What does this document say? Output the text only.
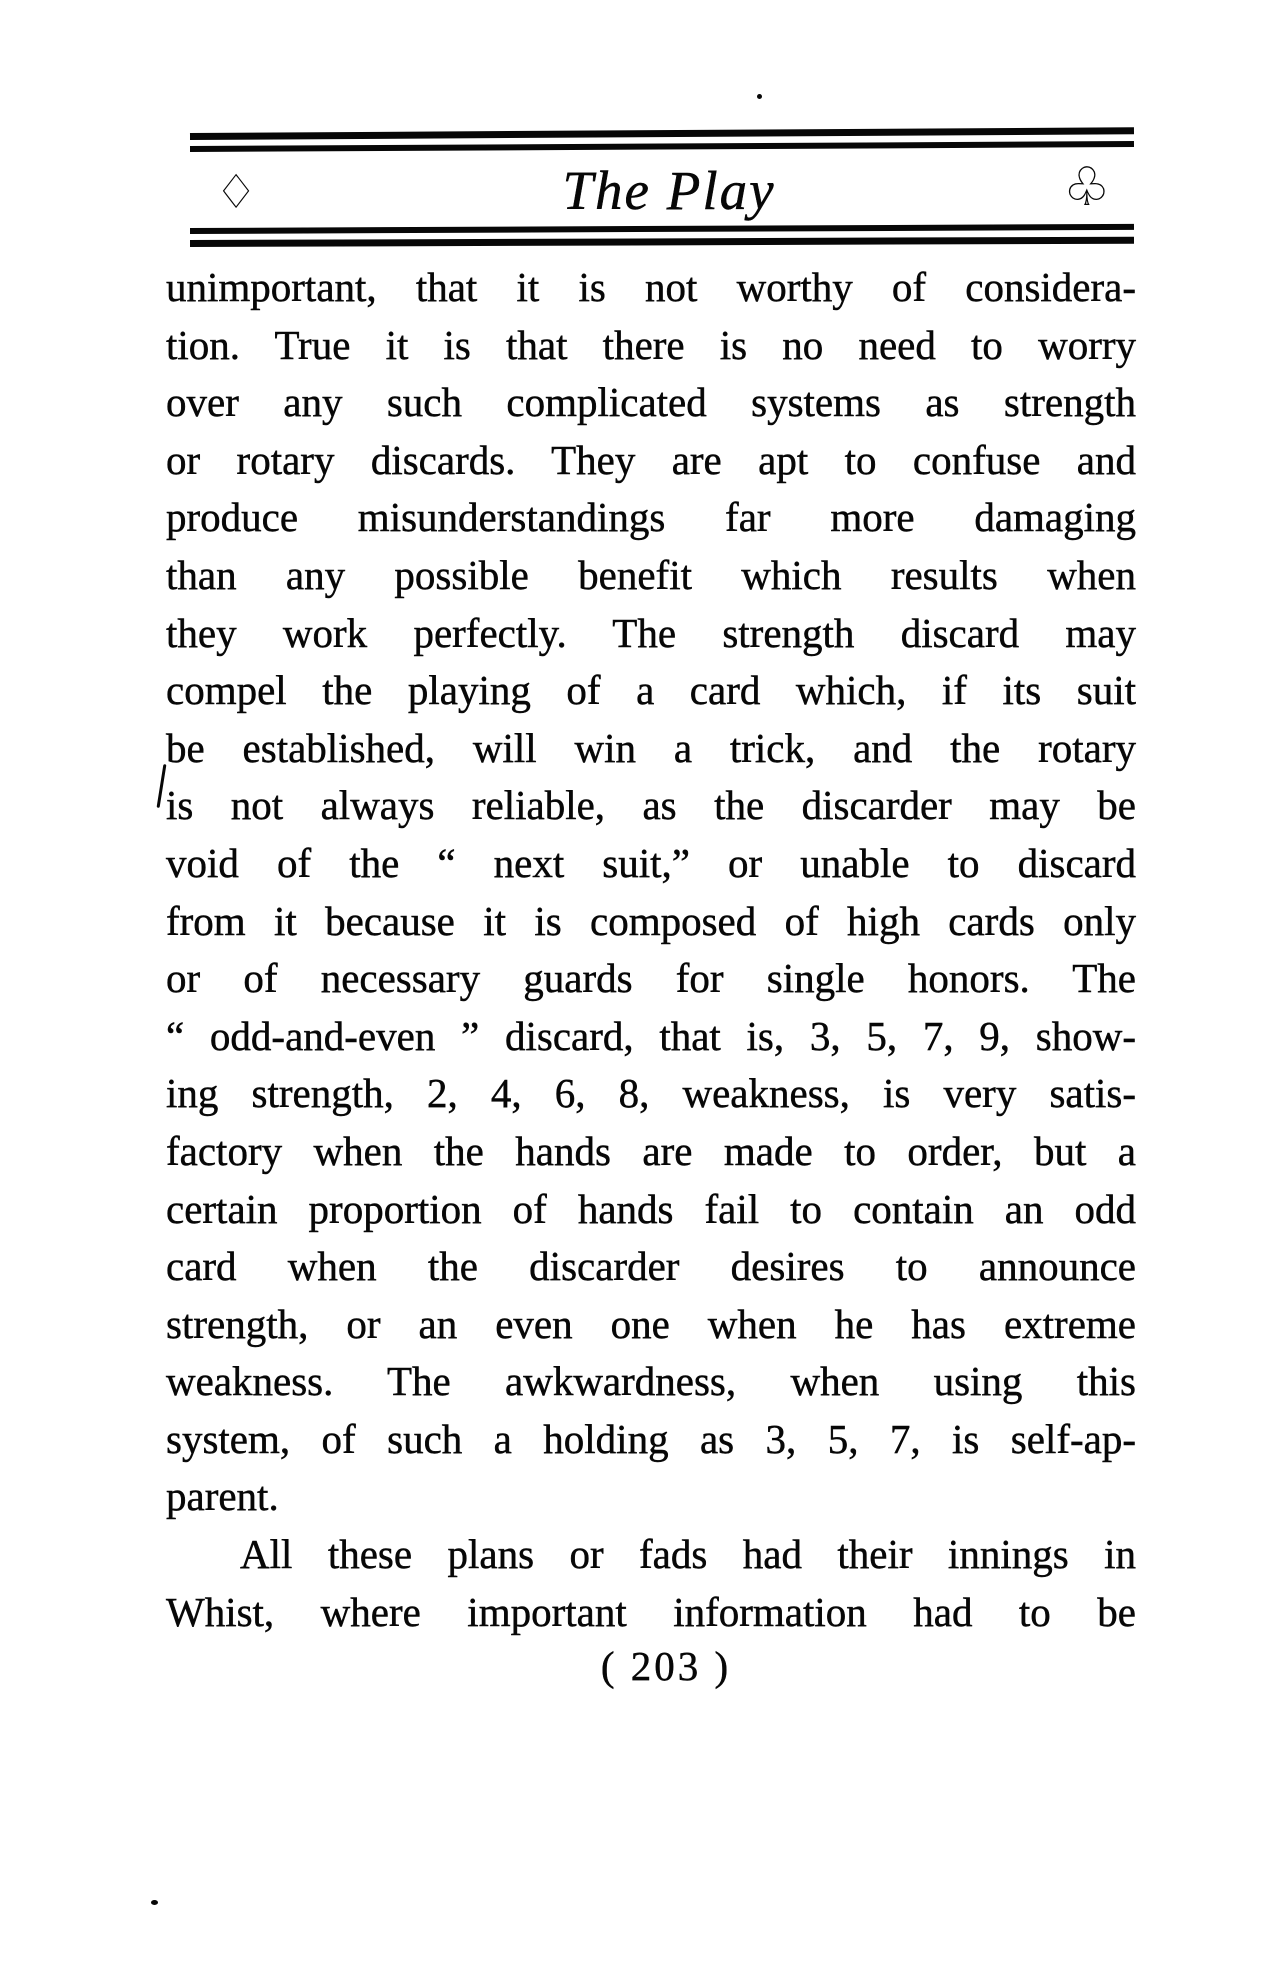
♢	The Play	♧
unimportant, that it is not worthy of considera-
tion. True it is that there is no need to worry
over any such complicated systems as strength
or rotary discards. They are apt to confuse and
produce misunderstandings far more damaging
than any possible benefit which results when
they work perfectly. The strength discard may
compel the playing of a card which, if its suit
be established, will win a trick, and the rotary
is not always reliable, as the discarder may be
void of the “ next suit,” or unable to discard
from it because it is composed of high cards only
or of necessary guards for single honors. The
“ odd-and-even ” discard, that is, 3, 5, 7, 9, show-
ing strength, 2, 4, 6, 8, weakness, is very satis-
factory when the hands are made to order, but a
certain proportion of hands fail to contain an odd
card when the discarder desires to announce
strength, or an even one when he has extreme
weakness. The awkwardness, when using this
system, of such a holding as 3, 5, 7, is self-ap-
parent.
All these plans or fads had their innings in
Whist, where important information had to be
( 203 )
